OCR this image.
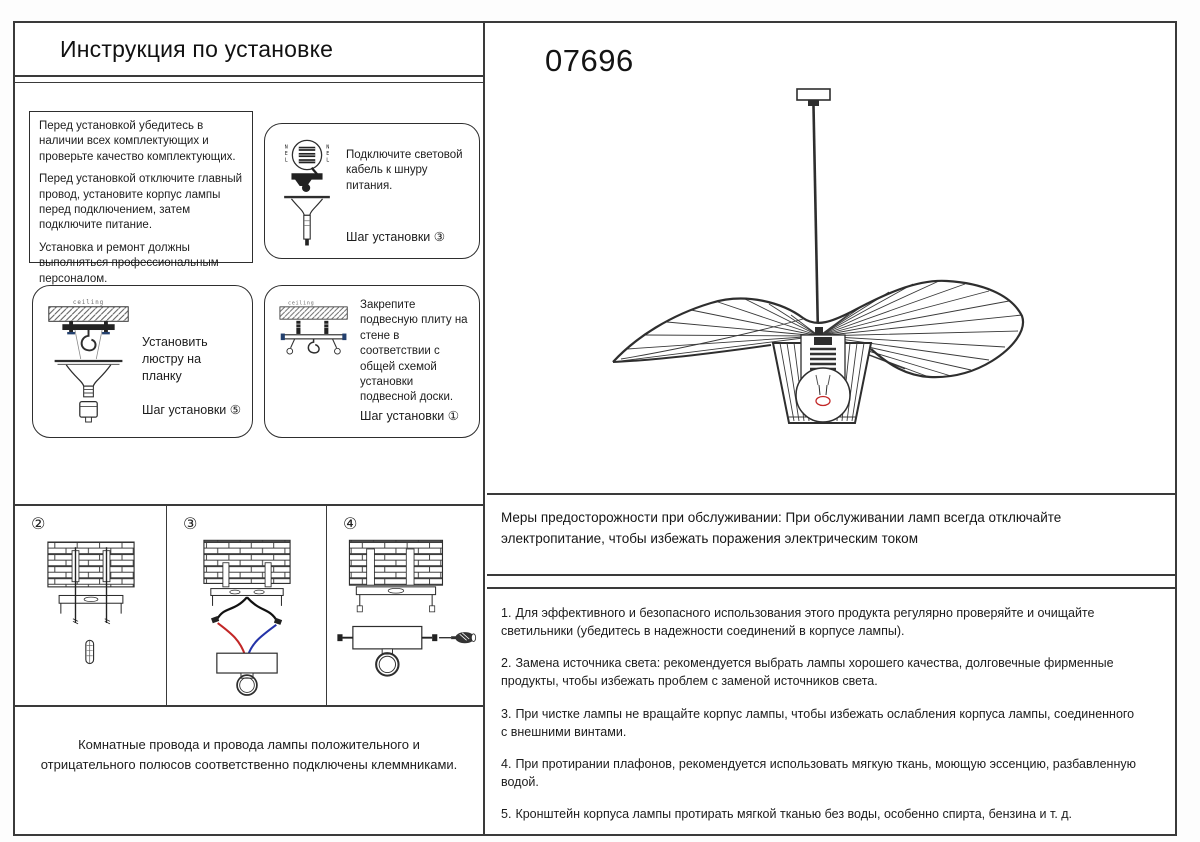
Инструкция по установке

Перед установкой убедитесь в наличии всех комплектующих и проверьте качество комплектующих.

Перед установкой отключите главный провод, установите корпус лампы перед подключением, затем подключите питание.

Установка и ремонт должны выполняться профессиональным персоналом.

N
E
L
N
E
L Подключите световой кабель к шнуру питания.

Шаг установки ③
ceiling

Установить люстру на планку

Шаг установки ⑤
ceiling	Закрепите подвесную плиту на стене в соответствии с общей схемой установки подвесной доски.

Шаг установки ①
②	③	④
Комнатные провода и провода лампы положительного и отрицательного полюсов соответственно подключены клеммниками.
07696
Меры предосторожности при обслуживании: При обслуживании ламп всегда отключайте электропитание, чтобы избежать поражения электрическим током
1. Для эффективного и безопасного использования этого продукта регулярно проверяйте и очищайте светильники (убедитесь в надежности соединений в корпусе лампы).
2. Замена источника света: рекомендуется выбрать лампы хорошего качества, долговечные фирменные продукты, чтобы избежать проблем с заменой источников света.
3. При чистке лампы не вращайте корпус лампы, чтобы избежать ослабления корпуса лампы, соединенного с внешними винтами.
4. При протирании плафонов, рекомендуется использовать мягкую ткань, моющую эссенцию, разбавленную водой.
5. Кронштейн корпуса лампы протирать мягкой тканью без воды, особенно спирта, бензина и т. д.
